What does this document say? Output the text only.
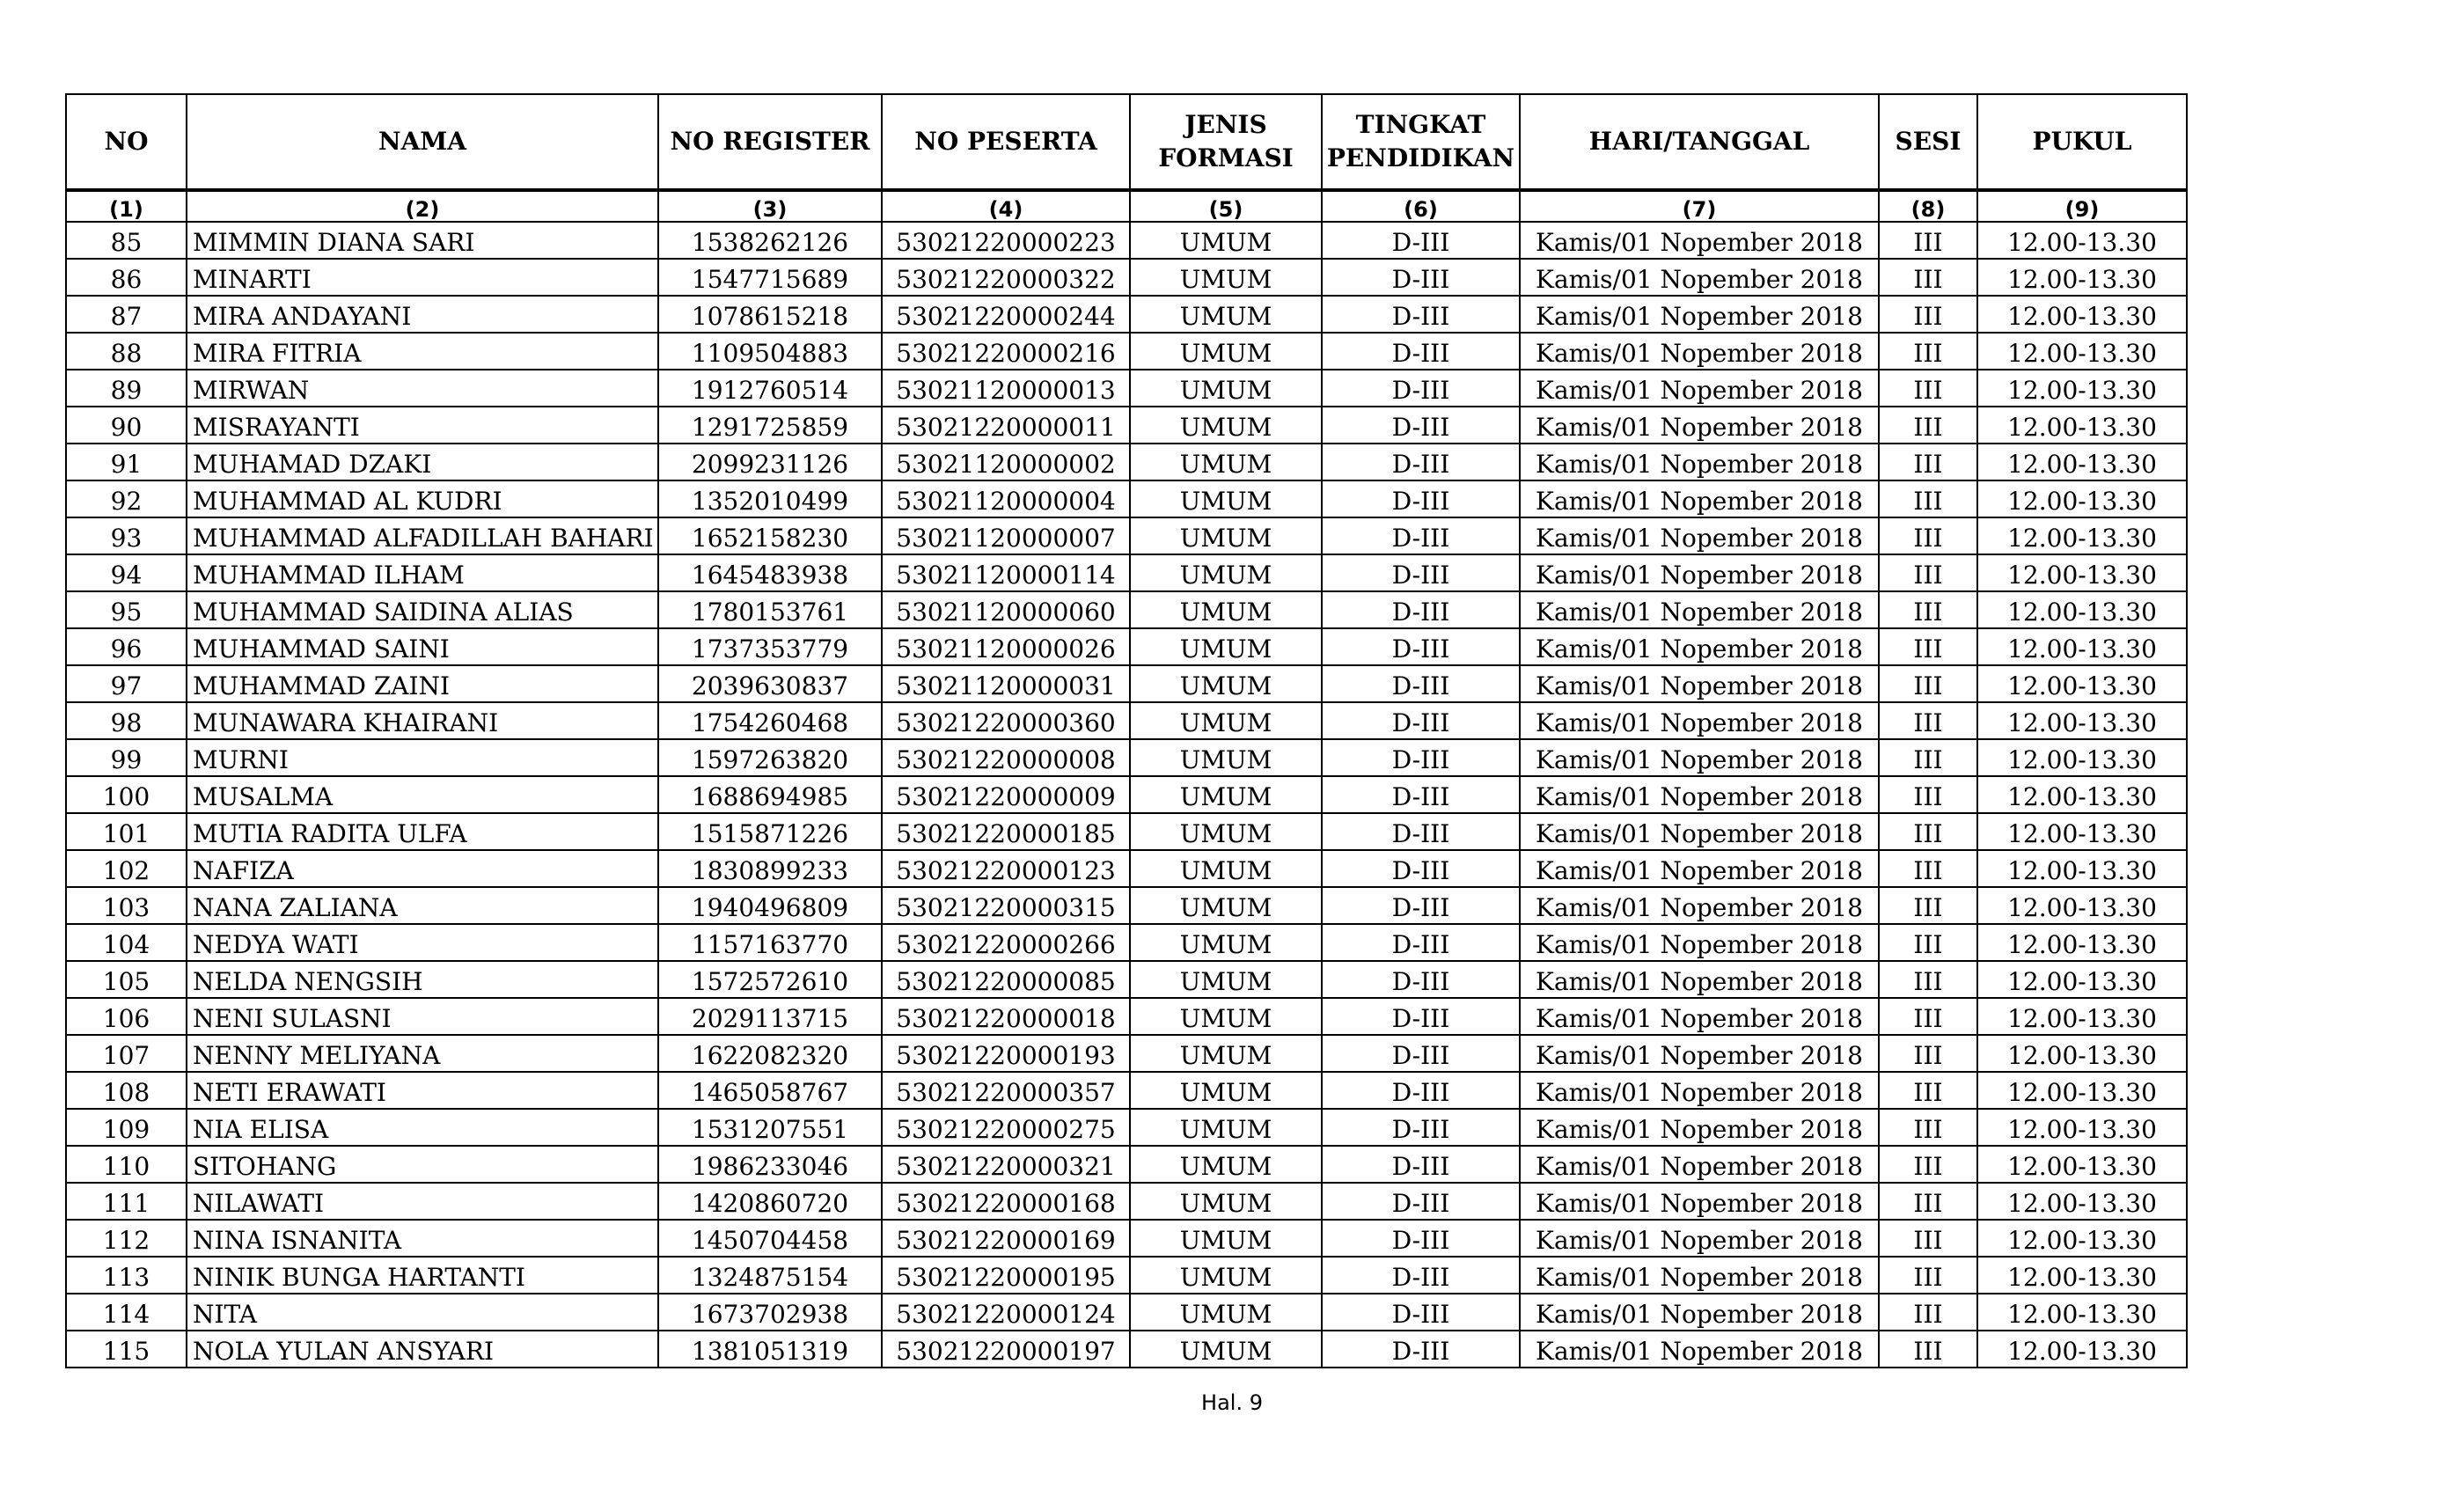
NO	NAMA	NO REGISTER	NO PESERTA	JENIS FORMASI	TINGKAT PENDIDIKAN	HARI/TANGGAL	SESI	PUKUL
(1)	(2)	(3)	(4)	(5)	(6)	(7)	(8)	(9)
85	MIMMIN DIANA SARI	1538262126	53021220000223	UMUM	D-III	Kamis/01 Nopember 2018	III	12.00-13.30
86	MINARTI	1547715689	53021220000322	UMUM	D-III	Kamis/01 Nopember 2018	III	12.00-13.30
87	MIRA ANDAYANI	1078615218	53021220000244	UMUM	D-III	Kamis/01 Nopember 2018	III	12.00-13.30
88	MIRA FITRIA	1109504883	53021220000216	UMUM	D-III	Kamis/01 Nopember 2018	III	12.00-13.30
89	MIRWAN	1912760514	53021120000013	UMUM	D-III	Kamis/01 Nopember 2018	III	12.00-13.30
90	MISRAYANTI	1291725859	53021220000011	UMUM	D-III	Kamis/01 Nopember 2018	III	12.00-13.30
91	MUHAMAD DZAKI	2099231126	53021120000002	UMUM	D-III	Kamis/01 Nopember 2018	III	12.00-13.30
92	MUHAMMAD AL KUDRI	1352010499	53021120000004	UMUM	D-III	Kamis/01 Nopember 2018	III	12.00-13.30
93	MUHAMMAD ALFADILLAH BAHARI	1652158230	53021120000007	UMUM	D-III	Kamis/01 Nopember 2018	III	12.00-13.30
94	MUHAMMAD ILHAM	1645483938	53021120000114	UMUM	D-III	Kamis/01 Nopember 2018	III	12.00-13.30
95	MUHAMMAD SAIDINA ALIAS	1780153761	53021120000060	UMUM	D-III	Kamis/01 Nopember 2018	III	12.00-13.30
96	MUHAMMAD SAINI	1737353779	53021120000026	UMUM	D-III	Kamis/01 Nopember 2018	III	12.00-13.30
97	MUHAMMAD ZAINI	2039630837	53021120000031	UMUM	D-III	Kamis/01 Nopember 2018	III	12.00-13.30
98	MUNAWARA KHAIRANI	1754260468	53021220000360	UMUM	D-III	Kamis/01 Nopember 2018	III	12.00-13.30
99	MURNI	1597263820	53021220000008	UMUM	D-III	Kamis/01 Nopember 2018	III	12.00-13.30
100	MUSALMA	1688694985	53021220000009	UMUM	D-III	Kamis/01 Nopember 2018	III	12.00-13.30
101	MUTIA RADITA ULFA	1515871226	53021220000185	UMUM	D-III	Kamis/01 Nopember 2018	III	12.00-13.30
102	NAFIZA	1830899233	53021220000123	UMUM	D-III	Kamis/01 Nopember 2018	III	12.00-13.30
103	NANA ZALIANA	1940496809	53021220000315	UMUM	D-III	Kamis/01 Nopember 2018	III	12.00-13.30
104	NEDYA WATI	1157163770	53021220000266	UMUM	D-III	Kamis/01 Nopember 2018	III	12.00-13.30
105	NELDA NENGSIH	1572572610	53021220000085	UMUM	D-III	Kamis/01 Nopember 2018	III	12.00-13.30
106	NENI SULASNI	2029113715	53021220000018	UMUM	D-III	Kamis/01 Nopember 2018	III	12.00-13.30
107	NENNY MELIYANA	1622082320	53021220000193	UMUM	D-III	Kamis/01 Nopember 2018	III	12.00-13.30
108	NETI ERAWATI	1465058767	53021220000357	UMUM	D-III	Kamis/01 Nopember 2018	III	12.00-13.30
109	NIA ELISA	1531207551	53021220000275	UMUM	D-III	Kamis/01 Nopember 2018	III	12.00-13.30
110	SITOHANG	1986233046	53021220000321	UMUM	D-III	Kamis/01 Nopember 2018	III	12.00-13.30
111	NILAWATI	1420860720	53021220000168	UMUM	D-III	Kamis/01 Nopember 2018	III	12.00-13.30
112	NINA ISNANITA	1450704458	53021220000169	UMUM	D-III	Kamis/01 Nopember 2018	III	12.00-13.30
113	NINIK BUNGA HARTANTI	1324875154	53021220000195	UMUM	D-III	Kamis/01 Nopember 2018	III	12.00-13.30
114	NITA	1673702938	53021220000124	UMUM	D-III	Kamis/01 Nopember 2018	III	12.00-13.30
115	NOLA YULAN ANSYARI	1381051319	53021220000197	UMUM	D-III	Kamis/01 Nopember 2018	III	12.00-13.30
Hal. 9
